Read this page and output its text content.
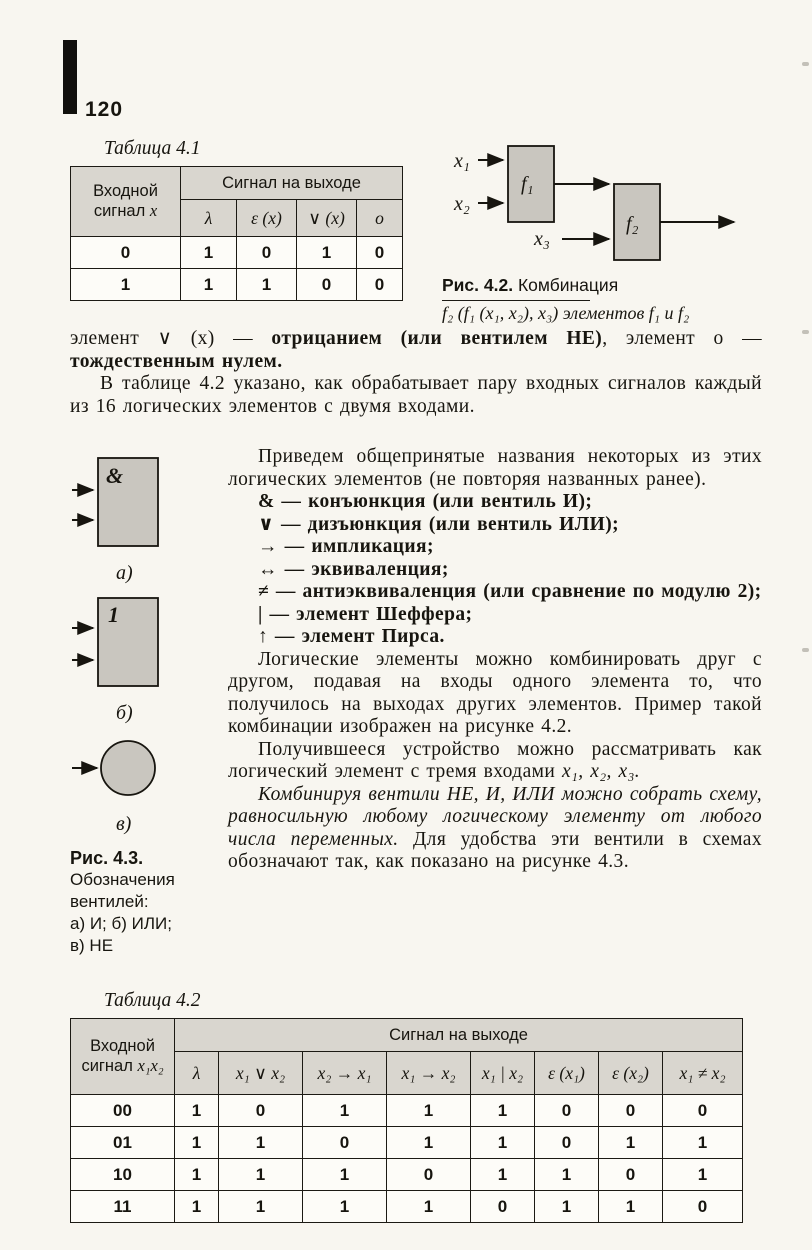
120
Таблица 4.1
Входной сигнал x	Сигнал на выходе			
	λ	ε (x)	∨ (x)	о
0	1	0	1	0
1	1	1	0	0
x₁
x₂
f₁
f₂
x₃
Рис. 4.2. Комбинация
f₂ (f₁ (x₁, x₂), x₃) элементов f₁ и f₂

элемент ∨ (x) — отрицанием (или вентилем НЕ), элемент о — тождественным нулем.

В таблице 4.2 указано, как обрабатывает пару входных сигналов каждый из 16 логических элементов с двумя входами.

&
а)
1
б)
в)
Рис. 4.3.
Обозначения вентилей:
а) И; б) ИЛИ;
в) НЕ

Приведем общепринятые названия некоторых из этих логических элементов (не повторяя названных ранее).

& — конъюнкция (или вентиль И);

∨ — дизъюнкция (или вентиль ИЛИ);

→ — импликация;

↔ — эквиваленция;

≠ — антиэквиваленция (или сравнение по модулю 2);

| — элемент Шеффера;

↑ — элемент Пирса.

Логические элементы можно комбинировать друг с другом, подавая на входы одного элемента то, что получилось на выходах других элементов. Пример такой комбинации изображен на рисунке 4.2.

Получившееся устройство можно рассматривать как логический элемент с тремя входами x₁, x₂, x₃.

Комбинируя вентили НЕ, И, ИЛИ можно собрать схему, равносильную любому логическому элементу от любого числа переменных. Для удобства эти вентили в схемах обозначают так, как показано на рисунке 4.3.

Таблица 4.2
Входной сигнал x₁x₂	Сигнал на выходе							
	λ	x₁ ∨ x₂	x₂ → x₁	x₁ → x₂	x₁ | x₂	ε (x₁)	ε (x₂)	x₁ ≠ x₂
00	1	0	1	1	1	0	0	0
01	1	1	0	1	1	0	1	1
10	1	1	1	0	1	1	0	1
11	1	1	1	1	0	1	1	0
